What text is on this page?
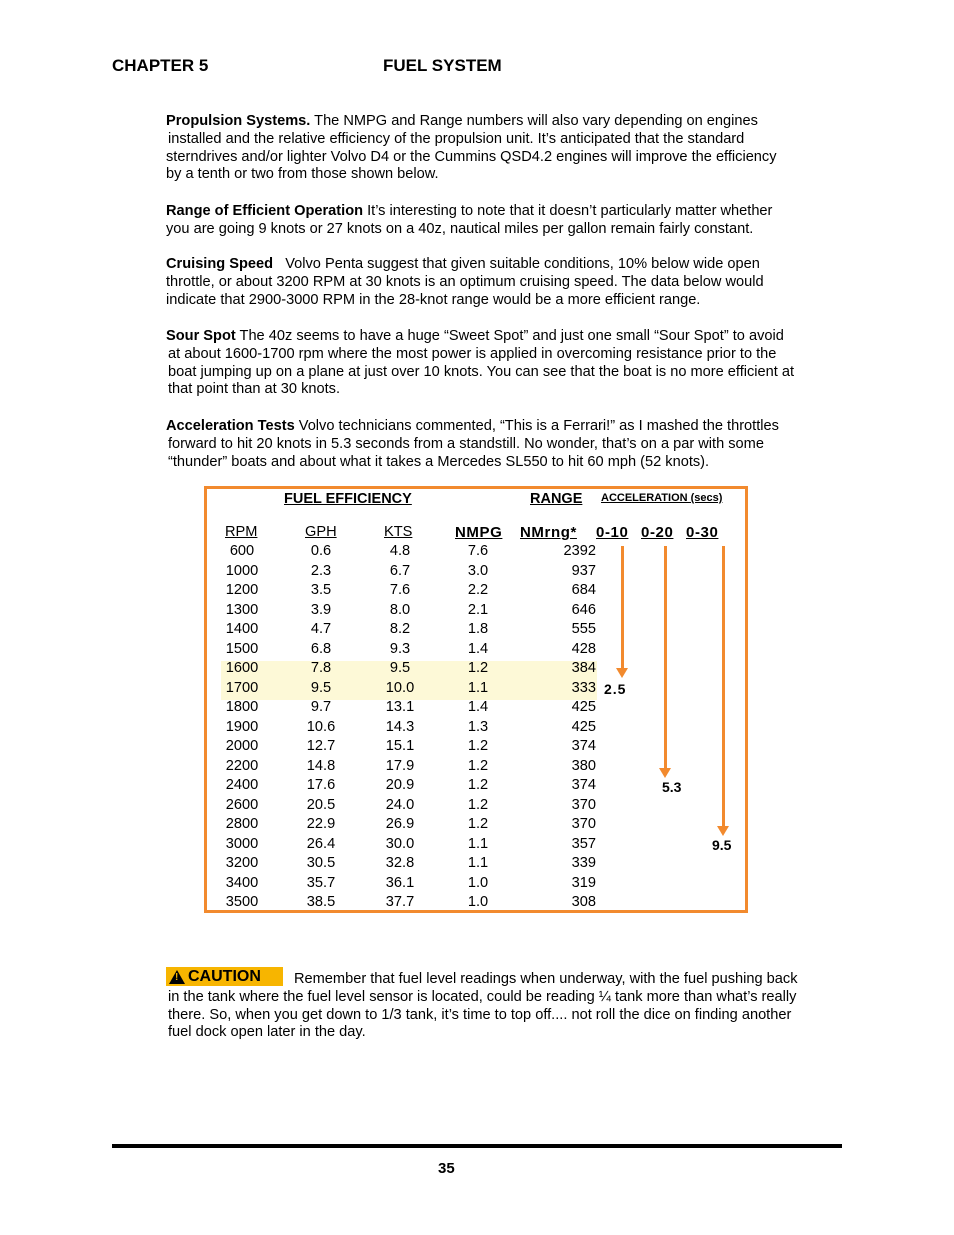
CHAPTER 5	FUEL SYSTEM
Propulsion Systems. The NMPG and Range numbers will also vary depending on engines
installed and the relative efficiency of the propulsion unit. It’s anticipated that the standard
sterndrives and/or lighter Volvo D4 or the Cummins QSD4.2 engines will improve the efficiency
by a tenth or two from those shown below.
Range of Efficient Operation It’s interesting to note that it doesn’t particularly matter whether
you are going 9 knots or 27 knots on a 40z, nautical miles per gallon remain fairly constant.
Cruising Speed Volvo Penta suggest that given suitable conditions, 10% below wide open
throttle, or about 3200 RPM at 30 knots is an optimum cruising speed. The data below would
indicate that 2900-3000 RPM in the 28-knot range would be a more efficient range.
Sour Spot The 40z seems to have a huge “Sweet Spot” and just one small “Sour Spot” to avoid
at about 1600-1700 rpm where the most power is applied in overcoming resistance prior to the
boat jumping up on a plane at just over 10 knots. You can see that the boat is no more efficient at
that point than at 30 knots.
Acceleration Tests Volvo technicians commented, “This is a Ferrari!” as I mashed the throttles
forward to hit 20 knots in 5.3 seconds from a standstill. No wonder, that’s on a par with some
“thunder” boats and about what it takes a Mercedes SL550 to hit 60 mph (52 knots).
FUEL EFFICIENCY	RANGE ACCELERATION (secs)
RPM	GPH	KTS	NMPG NMrng* 0-10 0-20 0-30
600	0.6	4.8	7.6	2392
1000	2.3	6.7	3.0	937
1200	3.5	7.6	2.2	684
1300	3.9	8.0	2.1	646
1400	4.7	8.2	1.8	555
1500	6.8	9.3	1.4	428
1600	7.8	9.5	1.2	384
1700	9.5	10.0	1.1	333
1800	9.7	13.1	1.4	425
1900	10.6	14.3	1.3	425
2000	12.7	15.1	1.2	374
2200	14.8	17.9	1.2	380
2400	17.6	20.9	1.2	374
2600	20.5	24.0	1.2	370
2800	22.9	26.9	1.2	370
3000	26.4	30.0	1.1	357
3200	30.5	32.8	1.1	339
3400	35.7	36.1	1.0	319
3500	38.5	37.7	1.0	308
2.5
5.3
9.5
! CAUTION	Remember that fuel level readings when underway, with the fuel pushing back
in the tank where the fuel level sensor is located, could be reading ¼ tank more than what’s really
there. So, when you get down to 1/3 tank, it’s time to top off.... not roll the dice on finding another
fuel dock open later in the day.
35
